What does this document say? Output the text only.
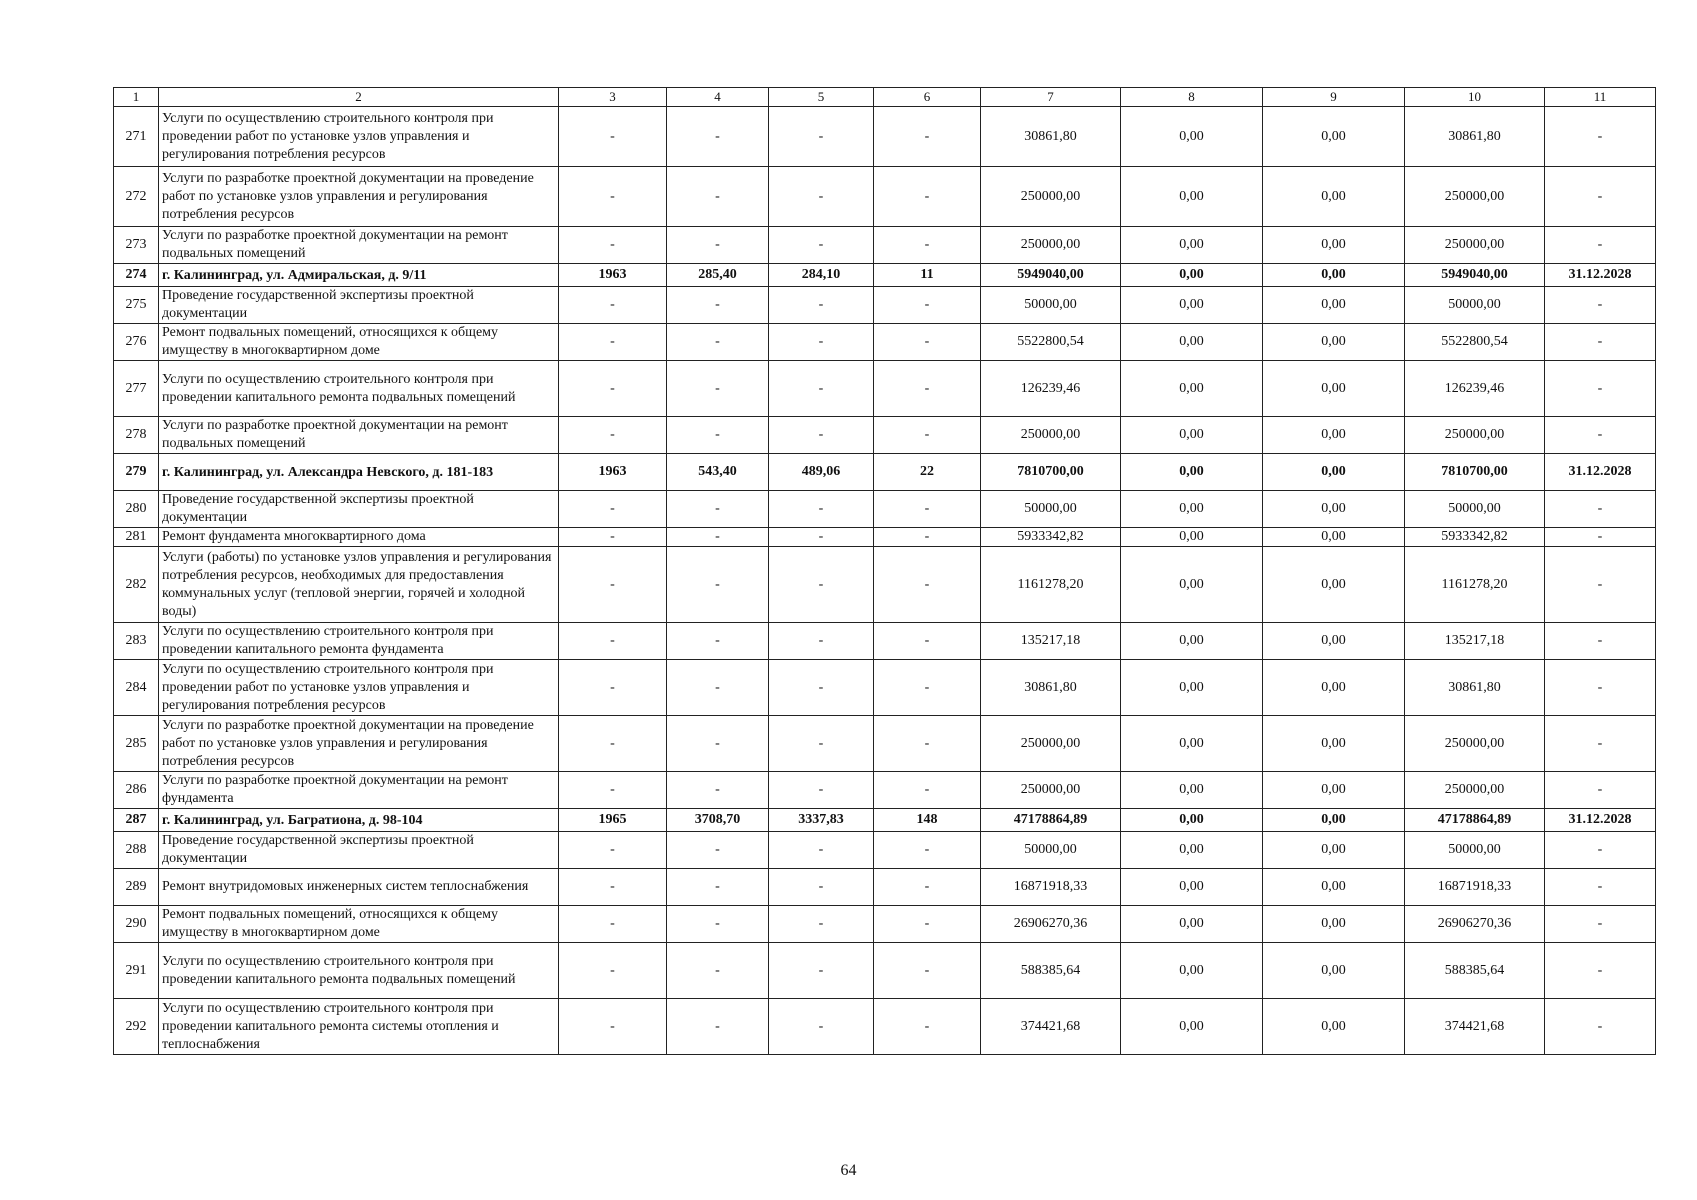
1	2	3	4	5	6	7	8	9	10	11
271	Услуги по осуществлению строительного контроля при проведении работ по установке узлов управления и регулирования потребления ресурсов	-	-	-	-	30861,80	0,00	0,00	30861,80	-
272	Услуги по разработке проектной документации на проведение работ по установке узлов управления и регулирования потребления ресурсов	-	-	-	-	250000,00	0,00	0,00	250000,00	-
273	Услуги по разработке проектной документации на ремонт подвальных помещений	-	-	-	-	250000,00	0,00	0,00	250000,00	-
274	г. Калининград, ул. Адмиральская, д. 9/11	1963	285,40	284,10	11	5949040,00	0,00	0,00	5949040,00	31.12.2028
275	Проведение государственной экспертизы проектной документации	-	-	-	-	50000,00	0,00	0,00	50000,00	-
276	Ремонт подвальных помещений, относящихся к общему имуществу в многоквартирном доме	-	-	-	-	5522800,54	0,00	0,00	5522800,54	-
277	Услуги по осуществлению строительного контроля при проведении капитального ремонта подвальных помещений	-	-	-	-	126239,46	0,00	0,00	126239,46	-
278	Услуги по разработке проектной документации на ремонт подвальных помещений	-	-	-	-	250000,00	0,00	0,00	250000,00	-
279	г. Калининград, ул. Александра Невского, д. 181-183	1963	543,40	489,06	22	7810700,00	0,00	0,00	7810700,00	31.12.2028
280	Проведение государственной экспертизы проектной документации	-	-	-	-	50000,00	0,00	0,00	50000,00	-
281	Ремонт фундамента многоквартирного дома	-	-	-	-	5933342,82	0,00	0,00	5933342,82	-
282	Услуги (работы) по установке узлов управления и регулирования потребления ресурсов, необходимых для предоставления коммунальных услуг (тепловой энергии, горячей и холодной воды)	-	-	-	-	1161278,20	0,00	0,00	1161278,20	-
283	Услуги по осуществлению строительного контроля при проведении капитального ремонта фундамента	-	-	-	-	135217,18	0,00	0,00	135217,18	-
284	Услуги по осуществлению строительного контроля при проведении работ по установке узлов управления и регулирования потребления ресурсов	-	-	-	-	30861,80	0,00	0,00	30861,80	-
285	Услуги по разработке проектной документации на проведение работ по установке узлов управления и регулирования потребления ресурсов	-	-	-	-	250000,00	0,00	0,00	250000,00	-
286	Услуги по разработке проектной документации на ремонт фундамента	-	-	-	-	250000,00	0,00	0,00	250000,00	-
287	г. Калининград, ул. Багратиона, д. 98-104	1965	3708,70	3337,83	148	47178864,89	0,00	0,00	47178864,89	31.12.2028
288	Проведение государственной экспертизы проектной документации	-	-	-	-	50000,00	0,00	0,00	50000,00	-
289	Ремонт внутридомовых инженерных систем теплоснабжения	-	-	-	-	16871918,33	0,00	0,00	16871918,33	-
290	Ремонт подвальных помещений, относящихся к общему имуществу в многоквартирном доме	-	-	-	-	26906270,36	0,00	0,00	26906270,36	-
291	Услуги по осуществлению строительного контроля при проведении капитального ремонта подвальных помещений	-	-	-	-	588385,64	0,00	0,00	588385,64	-
292	Услуги по осуществлению строительного контроля при проведении капитального ремонта системы отопления и теплоснабжения	-	-	-	-	374421,68	0,00	0,00	374421,68	-
64
